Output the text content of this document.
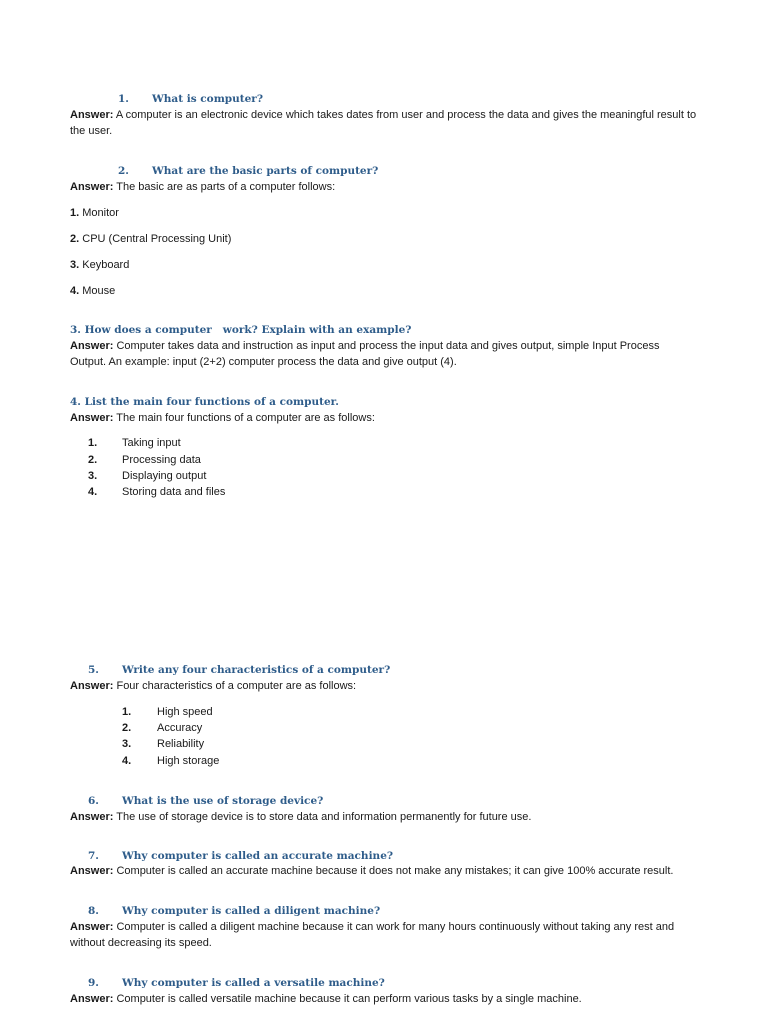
1. What is computer?
Answer: A computer is an electronic device which takes dates from user and process the data and gives the meaningful result to the user.
2. What are the basic parts of computer?
Answer: The basic are as parts of a computer follows:
1. Monitor
2. CPU (Central Processing Unit)
3. Keyboard
4. Mouse
3. How does a computer   work? Explain with an example?
Answer: Computer takes data and instruction as input and process the input data and gives output, simple Input Process Output. An example: input (2+2) computer process the data and give output (4).
4. List the main four functions of a computer.
Answer: The main four functions of a computer are as follows:
1. Taking input
2. Processing data
3. Displaying output
4. Storing data and files
5. Write any four characteristics of a computer?
Answer: Four characteristics of a computer are as follows:
1. High speed
2. Accuracy
3. Reliability
4. High storage
6. What is the use of storage device?
Answer: The use of storage device is to store data and information permanently for future use.
7. Why computer is called an accurate machine?
Answer: Computer is called an accurate machine because it does not make any mistakes; it can give 100% accurate result.
8. Why computer is called a diligent machine?
Answer: Computer is called a diligent machine because it can work for many hours continuously without taking any rest and without decreasing its speed.
9. Why computer is called a versatile machine?
Answer: Computer is called versatile machine because it can perform various tasks by a single machine.
